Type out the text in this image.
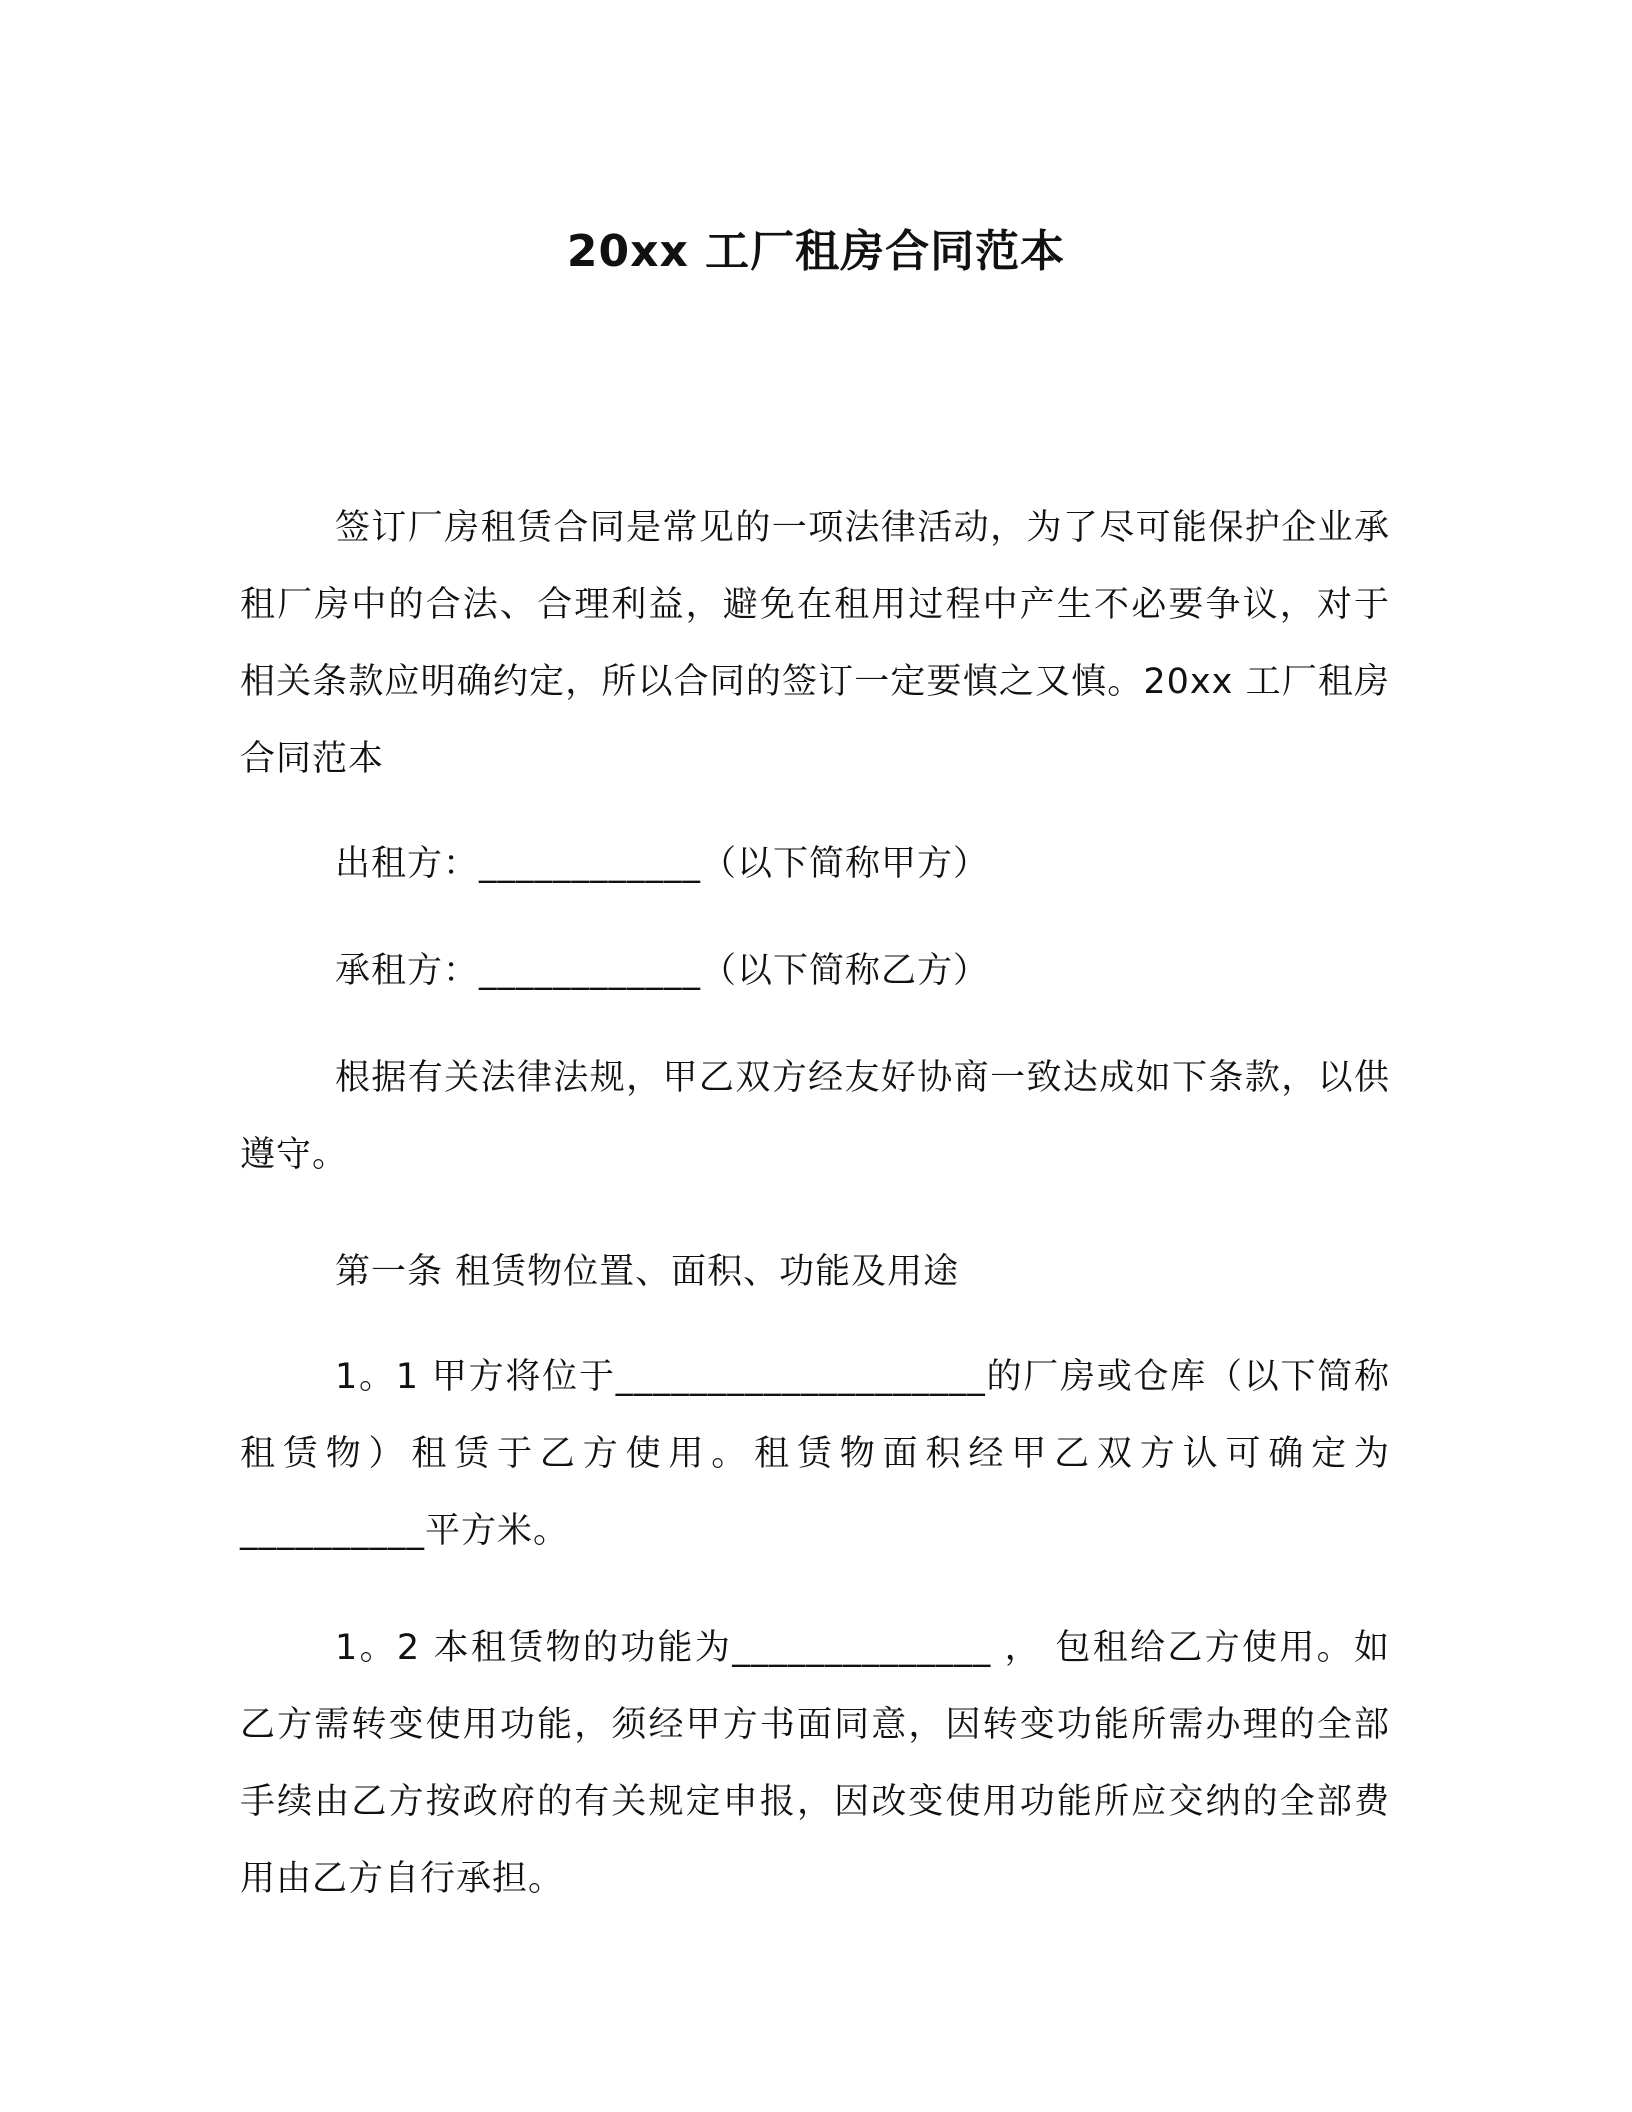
20xx 工厂租房合同范本

签订厂房租赁合同是常见的一项法律活动，为了尽可能保护企业承租厂房中的合法、合理利益，避免在租用过程中产生不必要争议，对于相关条款应明确约定，所以合同的签订一定要慎之又慎。20xx 工厂租房合同范本

出租方：____________（以下简称甲方）

承租方：____________（以下简称乙方）

根据有关法律法规，甲乙双方经友好协商一致达成如下条款，以供遵守。

第一条 租赁物位置、面积、功能及用途

1。1 甲方将位于____________________的厂房或仓库（以下简称租赁物）租赁于乙方使用。租赁物面积经甲乙双方认可确定为__________平方米。

1。2 本租赁物的功能为______________ ， 包租给乙方使用。如乙方需转变使用功能，须经甲方书面同意，因转变功能所需办理的全部手续由乙方按政府的有关规定申报，因改变使用功能所应交纳的全部费用由乙方自行承担。
